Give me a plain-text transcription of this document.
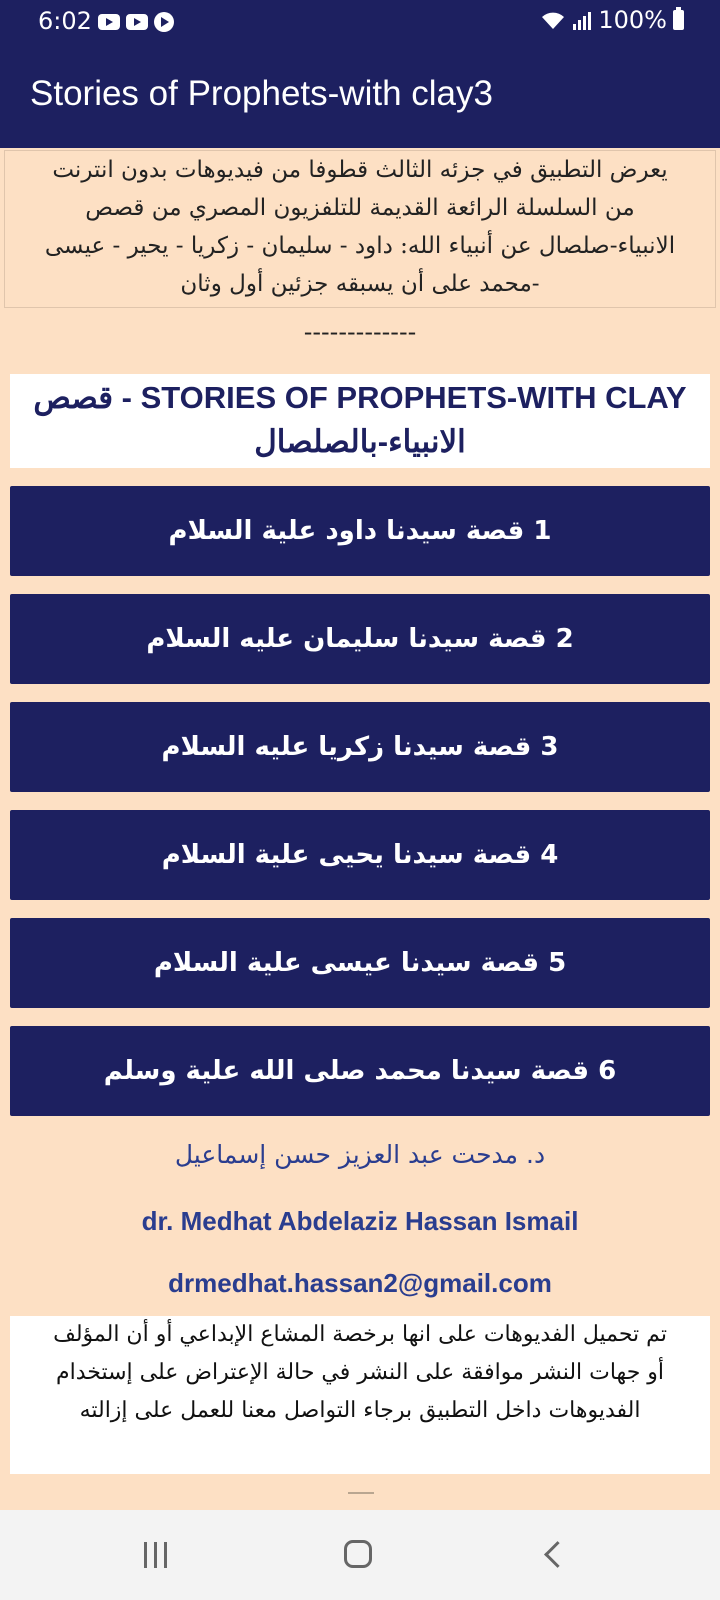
6:02	100%
Stories of Prophets-with clay3
يعرض التطبيق في جزئه الثالث قطوفا من فيديوهات بدون انترنت
من السلسلة الرائعة القديمة للتلفزيون المصري من قصص
الانبياء-صلصال عن أنبياء الله: داود - سليمان - زكريا - يحير - عيسى
-محمد على أن يسبقه جزئين أول وثان
-------------
STORIES OF PROPHETS-WITH CLAY - قصص
الانبياء-بالصلصال
1 قصة سيدنا داود علية السلام
2 قصة سيدنا سليمان عليه السلام
3 قصة سيدنا زكريا عليه السلام
4 قصة سيدنا يحيى علية السلام
5 قصة سيدنا عيسى علية السلام
6 قصة سيدنا محمد صلى الله علية وسلم
د. مدحت عبد العزيز حسن إسماعيل
dr. Medhat Abdelaziz Hassan Ismail
drmedhat.hassan2@gmail.com
تم تحميل الفديوهات على انها برخصة المشاع الإبداعي أو أن المؤلف
أو جهات النشر موافقة على النشر في حالة الإعتراض على إستخدام
الفديوهات داخل التطبيق برجاء التواصل معنا للعمل على إزالته
